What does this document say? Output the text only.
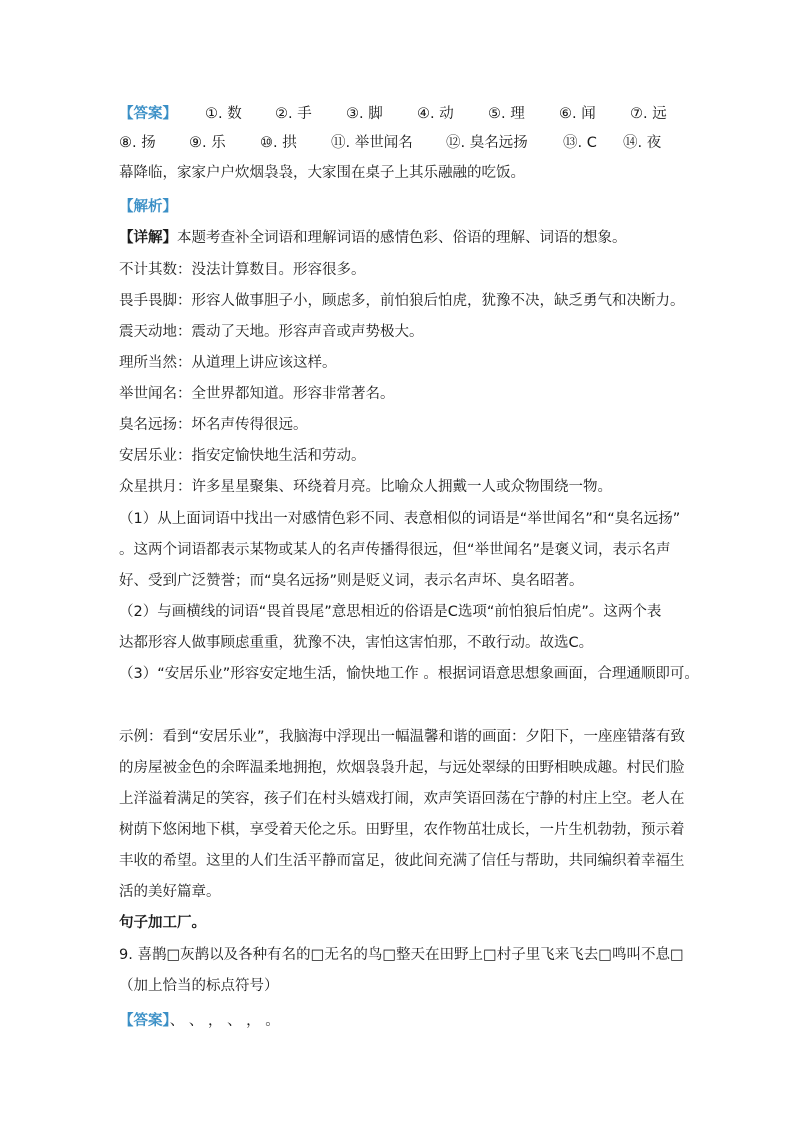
【答案】 ①. 数 ②. 手 ③. 脚 ④. 动 ⑤. 理 ⑥. 闻 ⑦. 远
⑧. 扬 ⑨. 乐 ⑩. 拱 ⑪. 举世闻名 ⑫. 臭名远扬 ⑬. C ⑭. 夜
幕降临，家家户户炊烟袅袅，大家围在桌子上其乐融融的吃饭。
【解析】
【详解】本题考查补全词语和理解词语的感情色彩、俗语的理解、词语的想象。
不计其数：没法计算数目。形容很多。
畏手畏脚：形容人做事胆子小，顾虑多，前怕狼后怕虎，犹豫不决，缺乏勇气和决断力。
震天动地：震动了天地。形容声音或声势极大。
理所当然：从道理上讲应该这样。
举世闻名：全世界都知道。形容非常著名。
臭名远扬：坏名声传得很远。
安居乐业：指安定愉快地生活和劳动。
众星拱月：许多星星聚集、环绕着月亮。比喻众人拥戴一人或众物围绕一物。
（1）从上面词语中找出一对感情色彩不同、表意相似的词语是“举世闻名”和“臭名远扬”
。这两个词语都表示某物或某人的名声传播得很远，但“举世闻名”是褒义词，表示名声
好、受到广泛赞誉；而“臭名远扬”则是贬义词，表示名声坏、臭名昭著。
（2）与画横线的词语“畏首畏尾”意思相近的俗语是C选项“前怕狼后怕虎”。这两个表
达都形容人做事顾虑重重，犹豫不决，害怕这害怕那，不敢行动。故选C。
（3）“安居乐业”形容安定地生活，愉快地工作 。根据词语意思想象画面，合理通顺即可。
示例：看到“安居乐业”，我脑海中浮现出一幅温馨和谐的画面：夕阳下，一座座错落有致
的房屋被金色的余晖温柔地拥抱，炊烟袅袅升起，与远处翠绿的田野相映成趣。村民们脸
上洋溢着满足的笑容，孩子们在村头嬉戏打闹，欢声笑语回荡在宁静的村庄上空。老人在
树荫下悠闲地下棋，享受着天伦之乐。田野里，农作物茁壮成长，一片生机勃勃，预示着
丰收的希望。这里的人们生活平静而富足，彼此间充满了信任与帮助，共同编织着幸福生
活的美好篇章。
句子加工厂。
9. 喜鹊□灰鹊以及各种有名的□无名的鸟□整天在田野上□村子里飞来飞去□鸣叫不息□
（加上恰当的标点符号）
【答案】、 、 ， 、 ， 。
